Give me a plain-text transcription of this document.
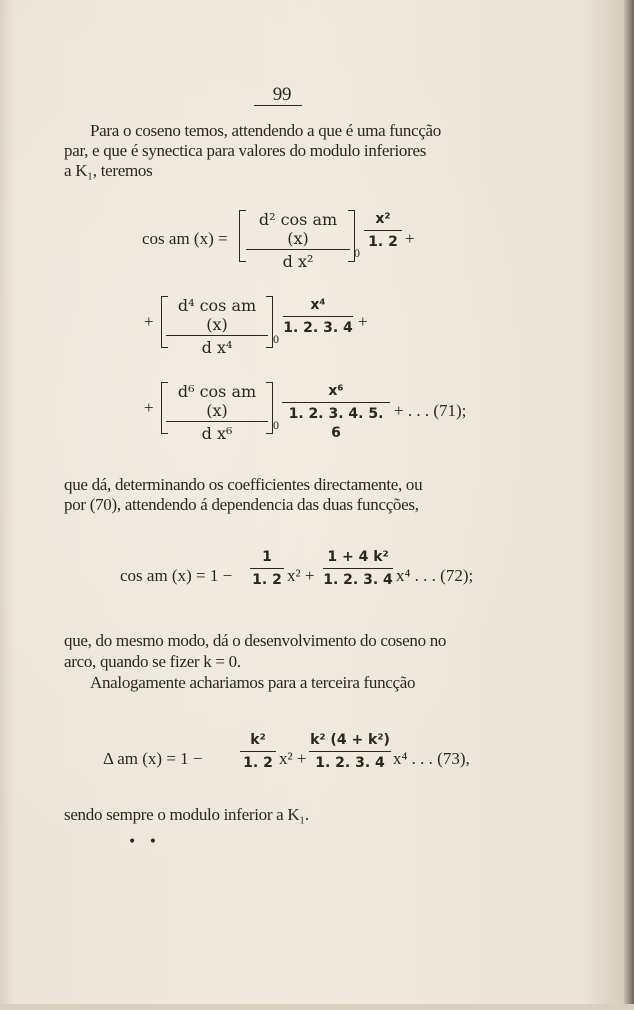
99
Para o coseno temos, attendendo a que é uma funcção
par, e que é synectica para valores do modulo inferiores
a K₁, teremos
cos am (x) =
d² cos am (x)
d x²	0
x²
1. 2 +
+
d⁴ cos am (x)
d x⁴	0
x⁴
1. 2. 3. 4 +
+
d⁶ cos am (x)
d x⁶	0
x⁶
1. 2. 3. 4. 5. 6
+ . . . (71);
que dá, determinando os coefficientes directamente, ou
por (70), attendendo á dependencia das duas funcções,
cos am (x) = 1 −
1
1. 2 x² +
1 + 4 k²
1. 2. 3. 4 x⁴ . . . (72);
que, do mesmo modo, dá o desenvolvimento do coseno no
arco, quando se fizer k = 0.
Analogamente achariamos para a terceira funcção
Δ am (x) = 1 −
k²
1. 2 x² +
k² (4 + k²)
1. 2. 3. 4 x⁴ . . . (73),
sendo sempre o modulo inferior a K₁.
• •
